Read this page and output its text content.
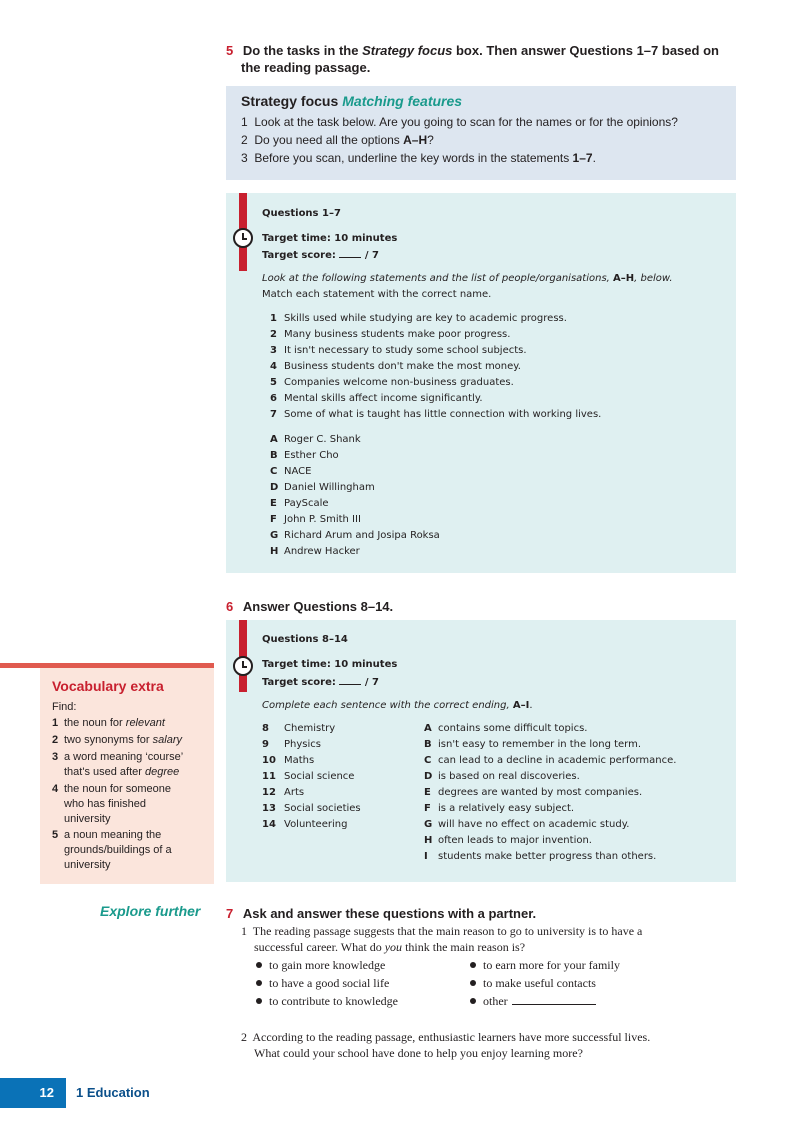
5 Do the tasks in the Strategy focus box. Then answer Questions 1–7 based on
the reading passage.
Strategy focus Matching features
1 Look at the task below. Are you going to scan for the names or for the opinions?
2 Do you need all the options A–H?
3 Before you scan, underline the key words in the statements 1–7.
Questions 1–7
Target time: 10 minutes
Target score:	/ 7
Look at the following statements and the list of people/organisations, A–H, below.
Match each statement with the correct name.
1 Skills used while studying are key to academic progress.
2 Many business students make poor progress.
3 It isn't necessary to study some school subjects.
4 Business students don't make the most money.
5 Companies welcome non-business graduates.
6 Mental skills affect income significantly.
7 Some of what is taught has little connection with working lives.
A Roger C. Shank
B Esther Cho
C NACE
D Daniel Willingham
E PayScale
F John P. Smith III
G Richard Arum and Josipa Roksa
H Andrew Hacker
6 Answer Questions 8–14.
Questions 8–14
Target time: 10 minutes
Target score:	/ 7
Complete each sentence with the correct ending, A–I.
8 Chemistry
9 Physics
10 Maths
11 Social science
12 Arts
13 Social societies
14 Volunteering
A contains some difficult topics.
B isn't easy to remember in the long term.
C can lead to a decline in academic performance.
D is based on real discoveries.
E degrees are wanted by most companies.
F is a relatively easy subject.
G will have no effect on academic study.
H often leads to major invention.
I students make better progress than others.
Vocabulary extra
Find:
1 the noun for relevant
2 two synonyms for salary
3 a word meaning ‘course’
that's used after degree
4 the noun for someone
who has finished
university
5 a noun meaning the
grounds/buildings of a
university
Explore further 7 Ask and answer these questions with a partner.
1 The reading passage suggests that the main reason to go to university is to have a
successful career. What do you think the main reason is?
to gain more knowledge
to have a good social life
to contribute to knowledge
to earn more for your family
to make useful contacts
other
2 According to the reading passage, enthusiastic learners have more successful lives.
What could your school have done to help you enjoy learning more?
12	1 Education
